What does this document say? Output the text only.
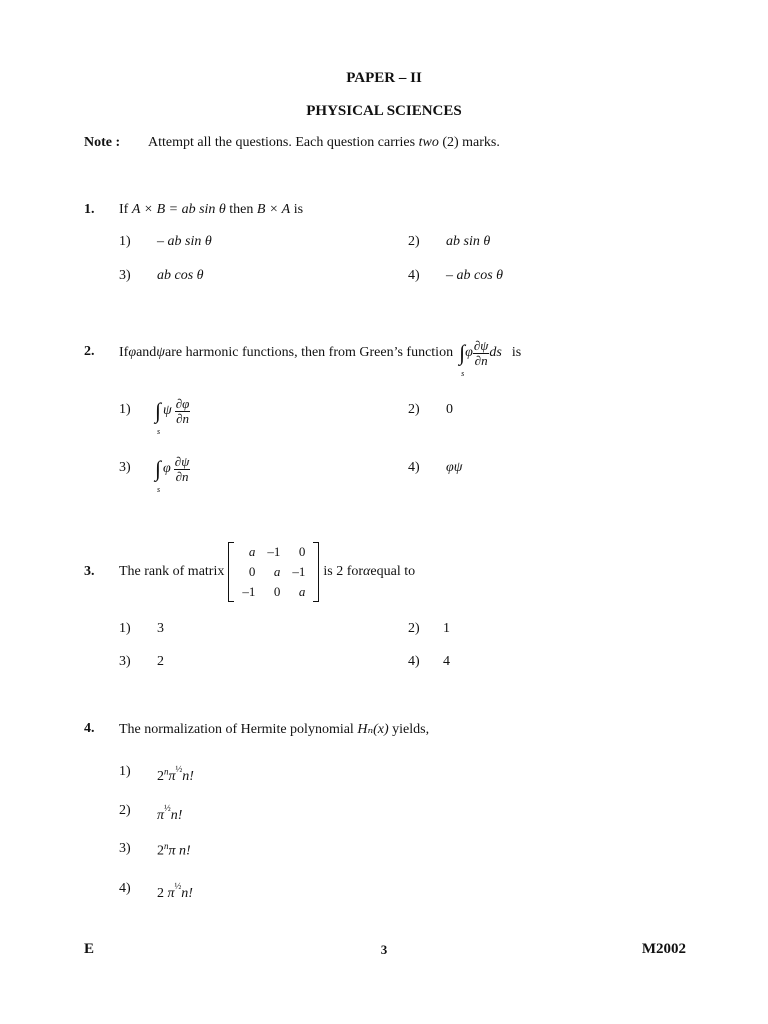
PAPER – II
PHYSICAL SCIENCES
Note : Attempt all the questions. Each question carries two (2) marks.
1. If A × B = ab sin θ then B × A is
1) – ab sin θ	2) ab sin θ
3) ab cos θ	4) – ab cos θ
2. If φ and ψ are harmonic functions, then from Green’s function ∫
s
φ $\frac{\partial\psi}{\partial n}$ ds is
1) ∫
s
ψ $\frac{\partial\varphi}{\partial n}$	2) 0
3) ∫
s
φ $\frac{\partial\psi}{\partial n}$	4) φψ
3. The rank of matrix
a	–1	0
0	a	–1
–1	0	a
is 2 for α equal to
1) 3	2) 1
3) 2	4) 4
4. The normalization of Hermite polynomial Hₙ(x) yields,
1) $2^n\pi^{\frac{1}{2}}n$!
2) $\pi^{\frac{1}{2}}n$!
3) 2$^n$π n!
4) 2 $\pi^{\frac{1}{2}}n$!
E	3	M2002
